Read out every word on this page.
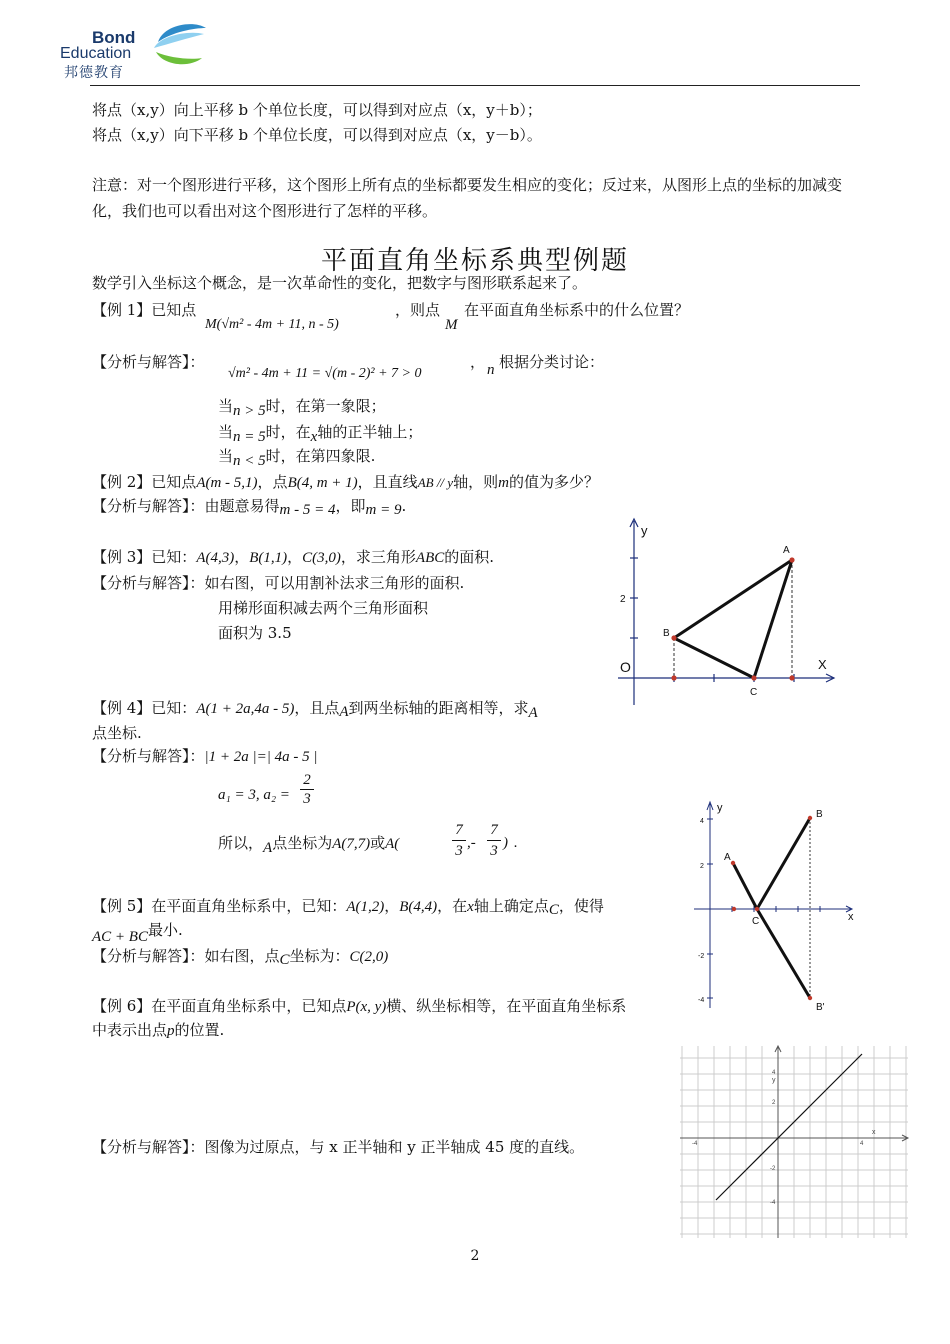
Bond
Education
邦德教育
将点（x,y）向上平移 b 个单位长度，可以得到对应点（x，y＋b）；
将点（x,y）向下平移 b 个单位长度，可以得到对应点（x，y－b）。
注意：对一个图形进行平移，这个图形上所有点的坐标都要发生相应的变化；反过来，从图形上点的坐标的加减变化，我们也可以看出对这个图形进行了怎样的平移。
平面直角坐标系典型例题
数学引入坐标这个概念，是一次革命性的变化，把数字与图形联系起来了。
【例 1】已知点
M(√m² - 4m + 11, n - 5)
，则点
M
在平面直角坐标系中的什么位置？
【分析与解答】：
√m² - 4m + 11 = √(m - 2)² + 7 > 0
， n 根据分类讨论：
当n > 5时，在第一象限；
当n = 5时，在x轴的正半轴上；
当n < 5时，在第四象限.
【例 2】已知点A(m - 5,1)，点B(4, m + 1)，且直线AB // y轴，则m的值为多少？
【分析与解答】：由题意易得m - 5 = 4，即m = 9.
【例 3】已知：A(4,3)，B(1,1)，C(3,0)，求三角形ABC的面积.
【分析与解答】：如右图，可以用割补法求三角形的面积.
用梯形面积减去两个三角形面积
面积为 3.5
y
X
O
2
A
B
C
【例 4】已知：A(1 + 2a,4a - 5)，且点A到两坐标轴的距离相等，求A
点坐标.
【分析与解答】：|1 + 2a |=| 4a - 5 |
a₁ = 3, a₂ =
2
3
所以，A点坐标为A(7,7)或A(
7
3 ,-
7
3 ) .
y
x
4
2
-2
-4
A
B
C
B'
【例 5】在平面直角坐标系中，已知：A(1,2)，B(4,4)，在x轴上确定点C，使得
AC + BC最小.
【分析与解答】：如右图，点C坐标为：C(2,0)
【例 6】在平面直角坐标系中，已知点P(x, y)横、纵坐标相等，在平面直角坐标系
中表示出点p的位置.
【分析与解答】：图像为过原点，与 x 正半轴和 y 正半轴成 45 度的直线。
y
x
4
2
-2
-4
4
-4
2
